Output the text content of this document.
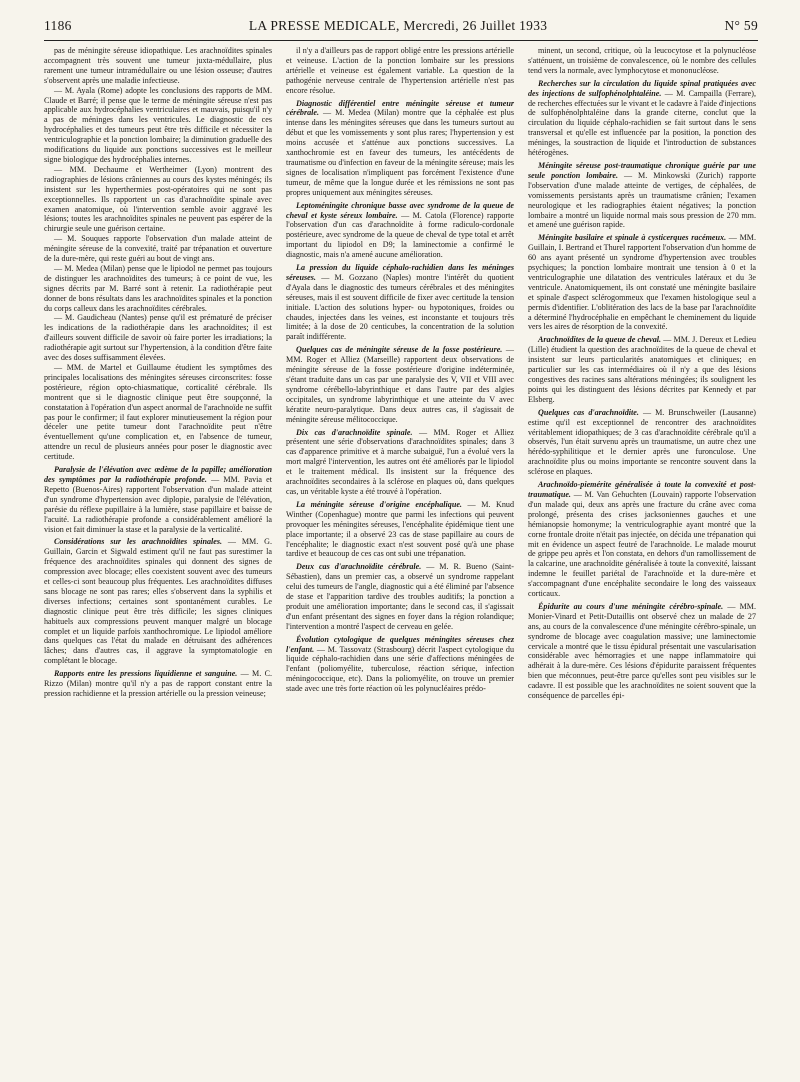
1186	LA PRESSE MEDICALE, Mercredi, 26 Juillet 1933	N° 59

pas de méningite séreuse idiopathique. Les arachnoïdites spinales accompagnent très souvent une tumeur juxta-médullaire, plus rarement une tumeur intramédullaire ou une lésion osseuse; d'autres s'observent après une maladie infectieuse.

— M. Ayala (Rome) adopte les conclusions des rapports de MM. Claude et Barré; il pense que le terme de méningite séreuse n'est pas applicable aux hydrocéphalies ventriculaires et mauvais, puisqu'il n'y a pas de méninges dans les ventricules. Le diagnostic de ces hydrocéphalies et des tumeurs peut être très difficile et nécessiter la ventriculographie et la ponction lombaire; la diminution graduelle des modifications du liquide aux ponctions successives est le meilleur signe biologique des hydrocéphalies internes.

— MM. Dechaume et Wertheimer (Lyon) montrent des radiographies de lésions crâniennes au cours des kystes méningés; ils insistent sur les hyperthermies post-opératoires qui ne sont pas exceptionnelles. Ils rapportent un cas d'arachnoïdite spinale avec examen anatomique, où l'intervention semble avoir aggravé les lésions; toutes les arachnoïdites spinales ne peuvent pas espérer de la chirurgie seule une guérison certaine.

— M. Souques rapporte l'observation d'un malade atteint de méningite séreuse de la convexité, traité par trépanation et ouverture de la dure-mère, qui reste guéri au bout de vingt ans.

— M. Medea (Milan) pense que le lipiodol ne permet pas toujours de distinguer les arachnoïdites des tumeurs; à ce point de vue, les signes décrits par M. Barré sont à retenir. La radiothérapie peut donner de bons résultats dans les arachnoïdites spinales et la ponction du corps calleux dans les arachnoïdites cérébrales.

— M. Gaudicheau (Nantes) pense qu'il est prématuré de préciser les indications de la radiothérapie dans les arachnoïdites; il est d'ailleurs souvent difficile de savoir où faire porter les irradiations; la radiothérapie agit surtout sur l'hypertension, à la condition d'être faite avec des doses suffisamment élevées.

— MM. de Martel et Guillaume étudient les symptômes des principales localisations des méningites séreuses circonscrites: fosse postérieure, région opto-chiasmatique, corticalité cérébrale. Ils montrent que si le diagnostic clinique peut être soupçonné, la constatation à l'opération d'un aspect anormal de l'arachnoïde ne suffit pas pour le confirmer; il faut explorer minutieusement la région pour déceler une petite tumeur dont l'arachnoïdite peut n'être éventuellement qu'une complication et, en l'absence de tumeur, attendre un recul de plusieurs années pour poser le diagnostic avec certitude.

Paralysie de l'élévation avec œdème de la papille; amélioration des symptômes par la radiothérapie profonde. — MM. Pavia et Repetto (Buenos-Aires) rapportent l'observation d'un malade atteint d'un syndrome d'hypertension avec diplopie, paralysie de l'élévation, parésie du réflexe pupillaire à la lumière, stase papillaire et baisse de l'acuité. La radiothérapie profonde a considérablement amélioré la vision et fait diminuer la stase et la paralysie de la verticalité.

Considérations sur les arachnoïdites spinales. — MM. G. Guillain, Garcin et Sigwald estiment qu'il ne faut pas surestimer la fréquence des arachnoïdites spinales qui donnent des signes de compression avec blocage; elles coexistent souvent avec des tumeurs et celles-ci sont beaucoup plus fréquentes. Les arachnoïdites diffuses sans blocage ne sont pas rares; elles s'observent dans la syphilis et diverses infections; certaines sont spontanément curables. Le diagnostic clinique peut être très difficile; les signes cliniques habituels aux compressions peuvent manquer malgré un blocage complet et un liquide parfois xanthochromique. Le lipiodol améliore dans quelques cas l'état du malade en détruisant des adhérences lâches; dans d'autres cas, il aggrave la symptomatologie en complétant le blocage.

Rapports entre les pressions liquidienne et sanguine. — M. C. Rizzo (Milan) montre qu'il n'y a pas de rapport constant entre la pression rachidienne et la pression artérielle ou la pression veineuse;

il n'y a d'ailleurs pas de rapport obligé entre les pressions artérielle et veineuse. L'action de la ponction lombaire sur les pressions artérielle et veineuse est également variable. La question de la pathogénie nerveuse centrale de l'hypertension artérielle n'est pas encore résolue.

Diagnostic différentiel entre méningite séreuse et tumeur cérébrale. — M. Medea (Milan) montre que la céphalée est plus intense dans les méningites séreuses que dans les tumeurs surtout au début et que les vomissements y sont plus rares; l'hypertension y est moins accusée et s'atténue aux ponctions successives. La xanthochromie est en faveur des tumeurs, les antécédents de traumatisme ou d'infection en faveur de la méningite séreuse; mais les signes de localisation n'impliquent pas forcément l'existence d'une tumeur, de même que la longue durée et les rémissions ne sont pas propres uniquement aux méningites séreuses.

Leptoméningite chronique basse avec syndrome de la queue de cheval et kyste séreux lombaire. — M. Catola (Florence) rapporte l'observation d'un cas d'arachnoïdite à forme radiculo-cordonale postérieure, avec syndrome de la queue de cheval de type total et arrêt important du lipiodol en D9; la laminectomie a confirmé le diagnostic, mais n'a amené aucune amélioration.

La pression du liquide céphalo-rachidien dans les méninges séreuses. — M. Gozzano (Naples) montre l'intérêt du quotient d'Ayala dans le diagnostic des tumeurs cérébrales et des méningites séreuses, mais il est souvent difficile de fixer avec certitude la tension initiale. L'action des solutions hyper- ou hypotoniques, froides ou chaudes, injectées dans les veines, est inconstante et toujours très limitée; à la dose de 20 centicubes, la concentration de la solution paraît indifférente.

Quelques cas de méningite séreuse de la fosse postérieure. — MM. Roger et Alliez (Marseille) rapportent deux observations de méningite séreuse de la fosse postérieure d'origine indéterminée, s'étant traduite dans un cas par une paralysie des V, VII et VIII avec syndrome cérébello-labyrinthique et dans l'autre par des algies occipitales, un syndrome labyrinthique et une atteinte du V avec kératite neuro-paralytique. Dans deux autres cas, il s'agissait de méningite séreuse mélitococcique.

Dix cas d'arachnoïdite spinale. — MM. Roger et Alliez présentent une série d'observations d'arachnoïdites spinales; dans 3 cas d'apparence primitive et à marche subaiguë, l'un a évolué vers la mort malgré l'intervention, les autres ont été améliorés par le lipiodol et le traitement médical. Ils insistent sur la fréquence des arachnoïdites secondaires à la sclérose en plaques où, dans quelques cas, un véritable kyste a été trouvé à l'opération.

La méningite séreuse d'origine encéphalique. — M. Knud Winther (Copenhague) montre que parmi les infections qui peuvent provoquer les méningites séreuses, l'encéphalite épidémique tient une place importante; il a observé 23 cas de stase papillaire au cours de l'encéphalite; le diagnostic exact n'est souvent posé qu'à une phase tardive et beaucoup de ces cas ont subi une trépanation.

Deux cas d'arachnoïdite cérébrale. — M. R. Bueno (Saint-Sébastien), dans un premier cas, a observé un syndrome rappelant celui des tumeurs de l'angle, diagnostic qui a été éliminé par l'absence de stase et l'apparition tardive des troubles auditifs; la ponction a produit une amélioration importante; dans le second cas, il s'agissait d'un enfant présentant des signes en foyer dans la région rolandique; l'intervention a montré l'aspect de cerveau en gelée.

Évolution cytologique de quelques méningites séreuses chez l'enfant. — M. Tassovatz (Strasbourg) décrit l'aspect cytologique du liquide céphalo-rachidien dans une série d'affections méningées de l'enfant (poliomyélite, tuberculose, réaction sérique, infection méningococcique, etc). Dans la poliomyélite, on trouve un premier stade avec une très forte réaction où les polynucléaires prédo-

minent, un second, critique, où la leucocytose et la polynucléose s'atténuent, un troisième de convalescence, où le nombre des cellules tend vers la normale, avec lymphocytose et mononucléose.

Recherches sur la circulation du liquide spinal pratiquées avec des injections de sulfophénolphtaléine. — M. Campailla (Ferrare), de recherches effectuées sur le vivant et le cadavre à l'aide d'injections de sulfophénolphtaléine dans la grande citerne, conclut que la circulation du liquide céphalo-rachidien se fait surtout dans le sens transversal et qu'elle est influencée par la position, la ponction des méninges, la soustraction de liquide et l'introduction de substances hétérogènes.

Méningite séreuse post-traumatique chronique guérie par une seule ponction lombaire. — M. Minkowski (Zurich) rapporte l'observation d'une malade atteinte de vertiges, de céphalées, de vomissements persistants après un traumatisme crânien; l'examen neurologique et les radiographies étaient négatives; la ponction lombaire a montré un liquide normal mais sous pression de 270 mm. et amené une guérison rapide.

Méningite basilaire et spinale à cysticerques racémeux. — MM. Guillain, I. Bertrand et Thurel rapportent l'observation d'un homme de 60 ans ayant présenté un syndrome d'hypertension avec troubles psychiques; la ponction lombaire montrait une tension à 0 et la ventriculographie une dilatation des ventricules latéraux et du 3e ventricule. Anatomiquement, ils ont constaté une méningite basilaire et spinale d'aspect sclérogommeux que l'examen histologique seul a permis d'identifier. L'oblitération des lacs de la base par l'arachnoïdite a déterminé l'hydrocéphalie en empêchant le cheminement du liquide vers les aires de résorption de la convexité.

Arachnoïdites de la queue de cheval. — MM. J. Dereux et Ledieu (Lille) étudient la question des arachnoïdites de la queue de cheval et insistent sur leurs particularités anatomiques et cliniques; en particulier sur les cas intermédiaires où il n'y a que des lésions congestives des racines sans altérations méningées; ils soulignent les points qui les distinguent des lésions décrites par Kennedy et par Elsberg.

Quelques cas d'arachnoïdite. — M. Brunschweiler (Lausanne) estime qu'il est exceptionnel de rencontrer des arachnoïdites véritablement idiopathiques; de 3 cas d'arachnoïdite cérébrale qu'il a observés, l'un était survenu après un traumatisme, un autre chez une hérédo-syphilitique et le dernier après une furonculose. Une arachnoïdite plus ou moins importante se rencontre souvent dans la sclérose en plaques.

Arachnoïdo-piemérite généralisée à toute la convexité et post-traumatique. — M. Van Gehuchten (Louvain) rapporte l'observation d'un malade qui, deux ans après une fracture du crâne avec coma prolongé, présenta des crises jacksoniennes gauches et une hémianopsie homonyme; la ventriculographie ayant montré que la corne frontale droite n'était pas injectée, on décida une trépanation qui mit en évidence un aspect feutré de l'arachnoïde. Le malade mourut de grippe peu après et l'on constata, en dehors d'un ramollissement de la calcarine, une arachnoïdite généralisée à toute la convexité, laissant indemne le feuillet pariétal de l'arachnoïde et la dure-mère et s'accompagnant d'une encéphalite secondaire le long des vaisseaux corticaux.

Épidurite au cours d'une méningite cérébro-spinale. — MM. Monier-Vinard et Petit-Dutaillis ont observé chez un malade de 27 ans, au cours de la convalescence d'une méningite cérébro-spinale, un syndrome de blocage avec coagulation massive; une laminectomie cervicale a montré que le tissu épidural présentait une vascularisation considérable avec hémorragies et une nappe inflammatoire qui adhérait à la dure-mère. Ces lésions d'épidurite paraissent fréquentes bien que méconnues, peut-être parce qu'elles sont peu visibles sur le cadavre. Il est possible que les arachnoïdites ne soient souvent que la conséquence de parcelles épi-
